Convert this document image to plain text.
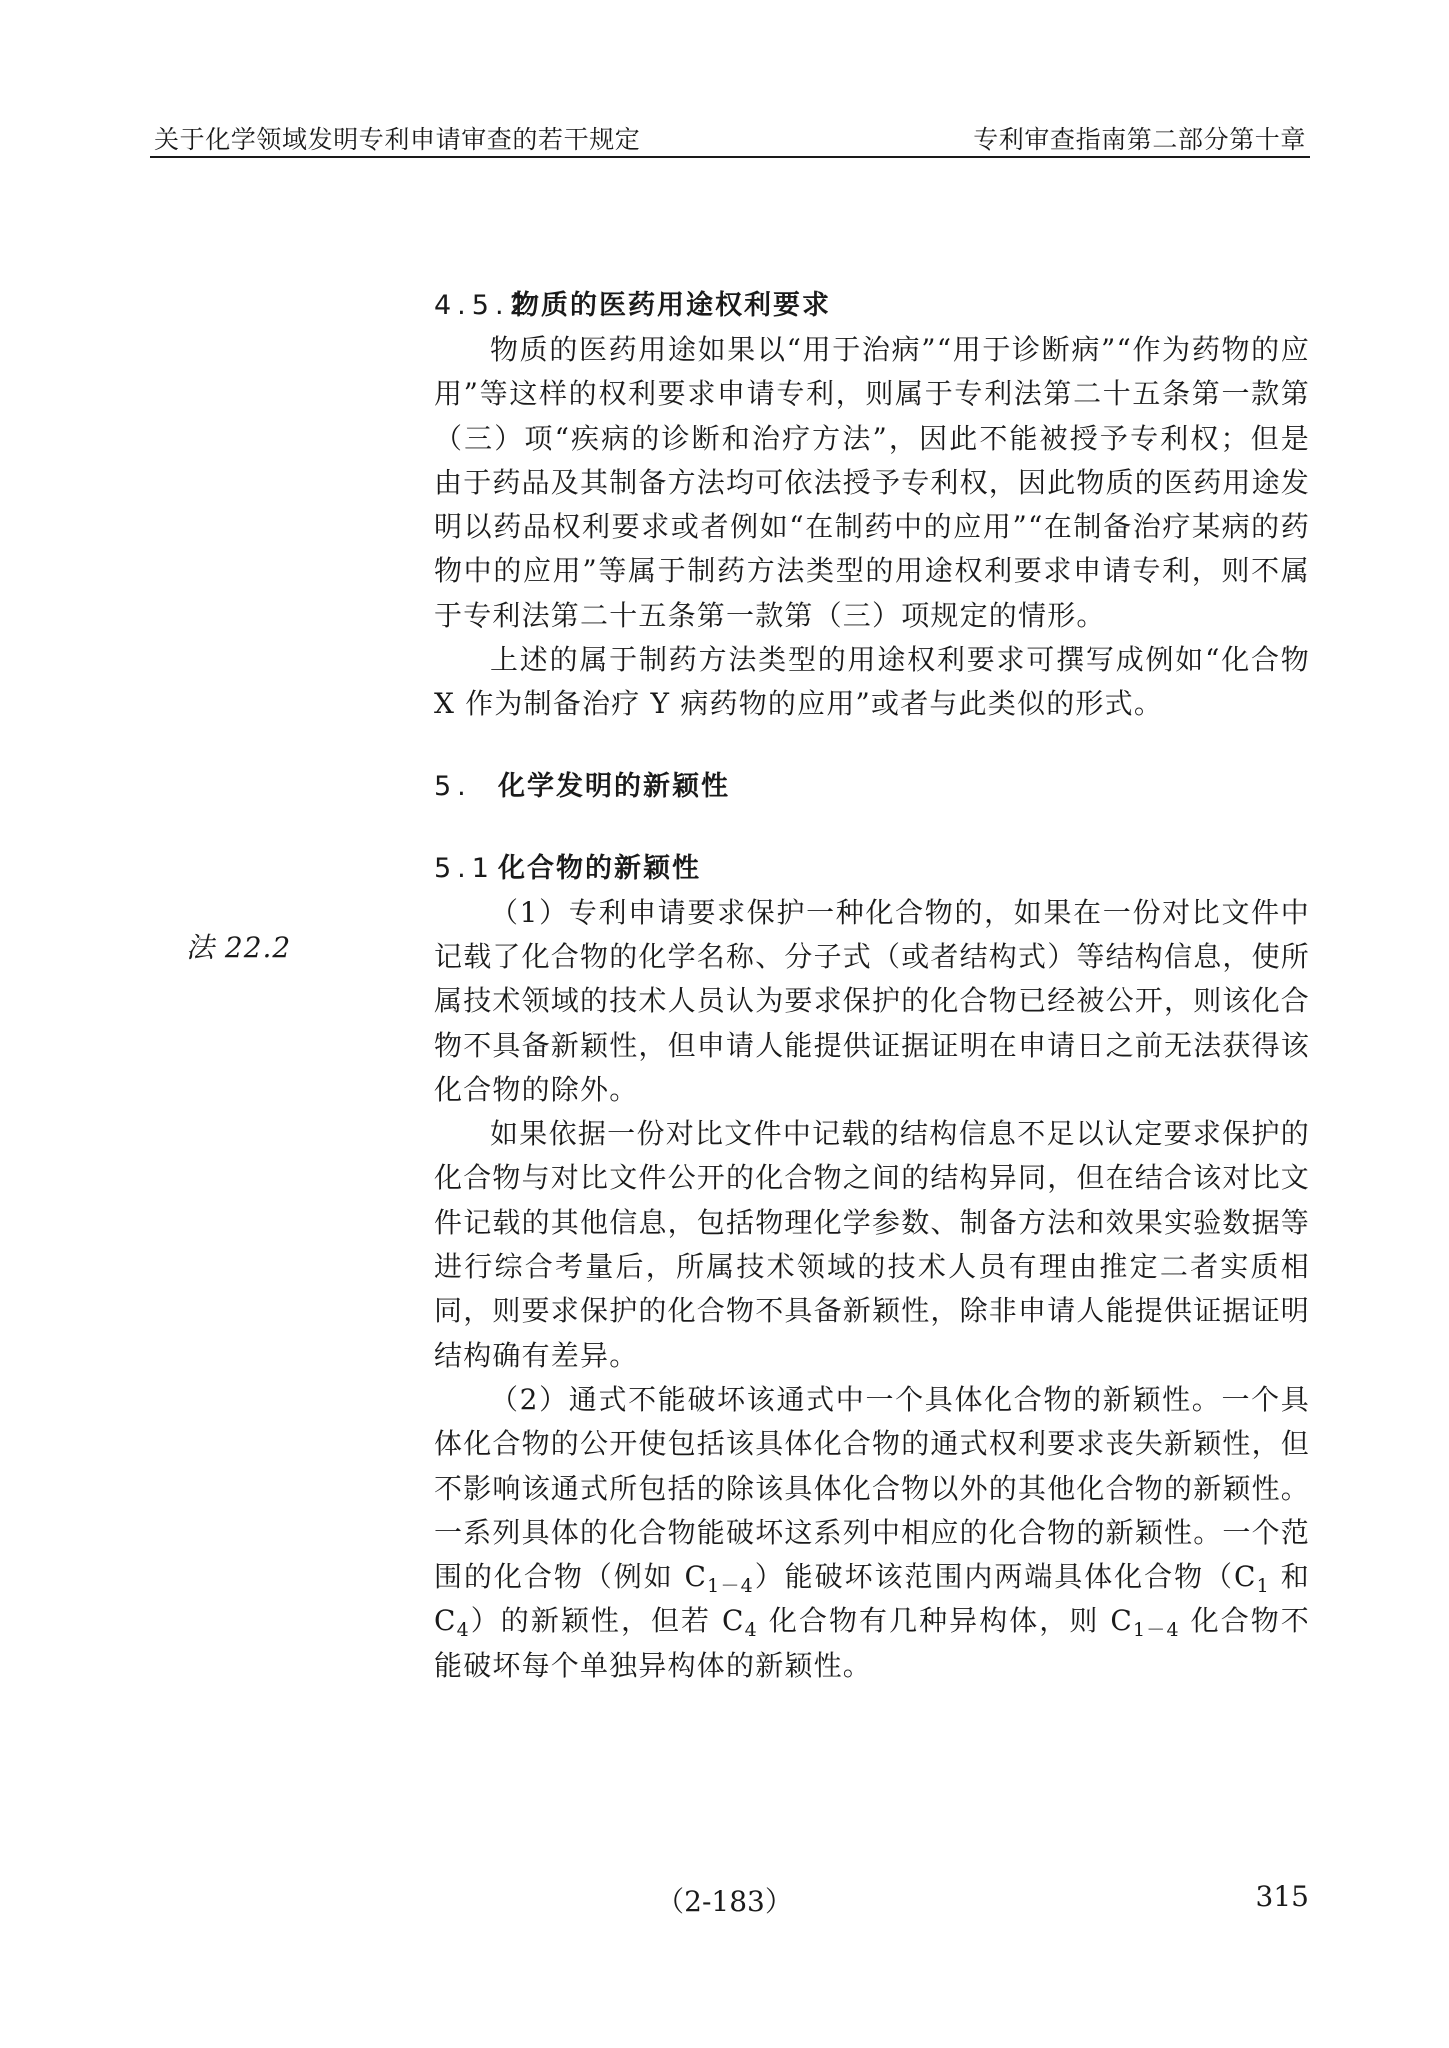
关于化学领域发明专利申请审查的若干规定	专利审查指南第二部分第十章
法 22.2
4.5.2物质的医药用途权利要求

物质的医药用途如果以“用于治病”“用于诊断病”“作为药物的应用”等这样的权利要求申请专利，则属于专利法第二十五条第一款第（三）项“疾病的诊断和治疗方法”，因此不能被授予专利权；但是由于药品及其制备方法均可依法授予专利权，因此物质的医药用途发明以药品权利要求或者例如“在制药中的应用”“在制备治疗某病的药物中的应用”等属于制药方法类型的用途权利要求申请专利，则不属于专利法第二十五条第一款第（三）项规定的情形。

上述的属于制药方法类型的用途权利要求可撰写成例如“化合物 X 作为制备治疗 Y 病药物的应用”或者与此类似的形式。

5. 化学发明的新颖性
5.1 化合物的新颖性

（1）专利申请要求保护一种化合物的，如果在一份对比文件中记载了化合物的化学名称、分子式（或者结构式）等结构信息，使所属技术领域的技术人员认为要求保护的化合物已经被公开，则该化合物不具备新颖性，但申请人能提供证据证明在申请日之前无法获得该化合物的除外。

如果依据一份对比文件中记载的结构信息不足以认定要求保护的化合物与对比文件公开的化合物之间的结构异同，但在结合该对比文件记载的其他信息，包括物理化学参数、制备方法和效果实验数据等进行综合考量后，所属技术领域的技术人员有理由推定二者实质相同，则要求保护的化合物不具备新颖性，除非申请人能提供证据证明结构确有差异。

（2）通式不能破坏该通式中一个具体化合物的新颖性。一个具体化合物的公开使包括该具体化合物的通式权利要求丧失新颖性，但不影响该通式所包括的除该具体化合物以外的其他化合物的新颖性。一系列具体的化合物能破坏这系列中相应的化合物的新颖性。一个范围的化合物（例如 $C_{1-4}$）能破坏该范围内两端具体化合物（$C_1$ 和 $C_4$）的新颖性，但若 $C_4$ 化合物有几种异构体，则 $C_{1-4}$ 化合物不能破坏每个单独异构体的新颖性。

（2-183）	315
